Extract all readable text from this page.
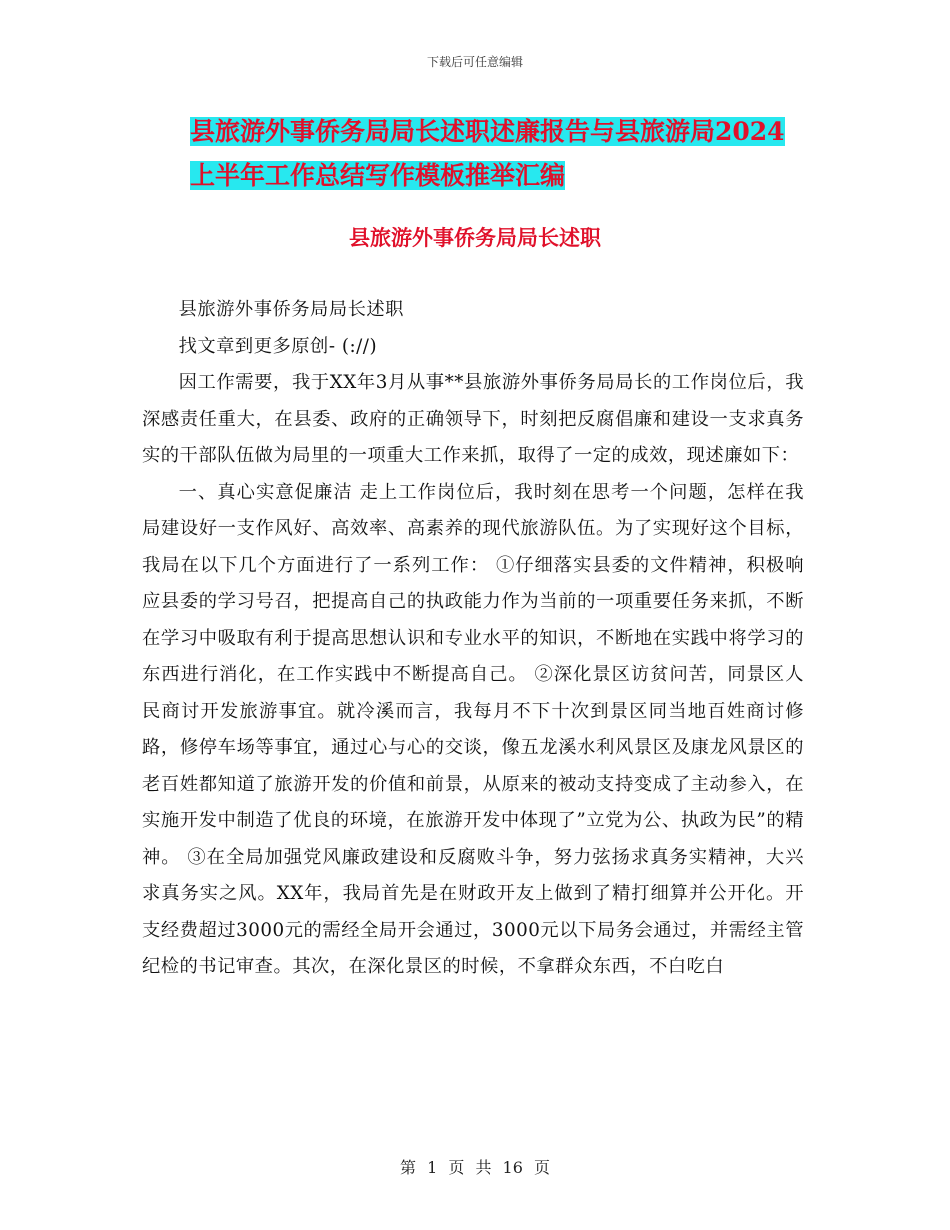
下载后可任意编辑
县旅游外事侨务局局长述职述廉报告与县旅游局2024
上半年工作总结写作模板推举汇编
县旅游外事侨务局局长述职

县旅游外事侨务局局长述职

找文章到更多原创- (://)

因工作需要，我于XX年3月从事**县旅游外事侨务局局长的工作岗位后，我深感责任重大，在县委、政府的正确领导下，时刻把反腐倡廉和建设一支求真务实的干部队伍做为局里的一项重大工作来抓，取得了一定的成效，现述廉如下：

一、真心实意促廉洁 走上工作岗位后，我时刻在思考一个问题，怎样在我局建设好一支作风好、高效率、高素养的现代旅游队伍。为了实现好这个目标，我局在以下几个方面进行了一系列工作： ①仔细落实县委的文件精神，积极响应县委的学习号召，把提高自己的执政能力作为当前的一项重要任务来抓，不断在学习中吸取有利于提高思想认识和专业水平的知识，不断地在实践中将学习的东西进行消化，在工作实践中不断提高自己。 ②深化景区访贫问苦，同景区人民商讨开发旅游事宜。就冷溪而言，我每月不下十次到景区同当地百姓商讨修路，修停车场等事宜，通过心与心的交谈，像五龙溪水利风景区及康龙风景区的老百姓都知道了旅游开发的价值和前景，从原来的被动支持变成了主动参入，在实施开发中制造了优良的环境，在旅游开发中体现了”立党为公、执政为民”的精神。 ③在全局加强党风廉政建设和反腐败斗争，努力弦扬求真务实精神，大兴求真务实之风。XX年，我局首先是在财政开友上做到了精打细算并公开化。开支经费超过3000元的需经全局开会通过，3000元以下局务会通过，并需经主管纪检的书记审查。其次，在深化景区的时候，不拿群众东西，不白吃白

第 1 页 共 16 页
